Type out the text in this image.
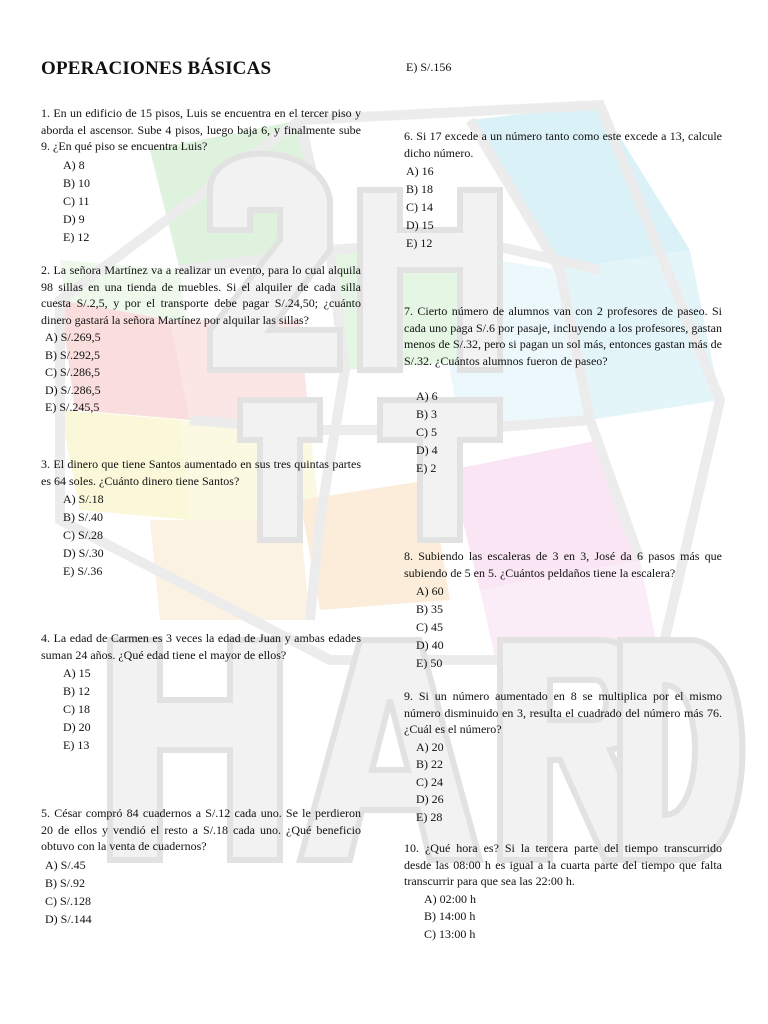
OPERACIONES BÁSICAS
1. En un edificio de 15 pisos, Luis se encuentra en el tercer piso y aborda el ascensor. Sube 4 pisos, luego baja 6, y finalmente sube 9. ¿En qué piso se encuentra Luis?
A) 8
B) 10
C) 11
D) 9
E) 12
2. La señora Martínez va a realizar un evento, para lo cual alquila 98 sillas en una tienda de muebles. Si el alquiler de cada silla cuesta S/.2,5, y por el transporte debe pagar S/.24,50; ¿cuánto dinero gastará la señora Martínez por alquilar las sillas?
A) S/.269,5
B) S/.292,5
C) S/.286,5
D) S/.286,5
E) S/.245,5
3. El dinero que tiene Santos aumentado en sus tres quintas partes es 64 soles. ¿Cuánto dinero tiene Santos?
A) S/.18
B) S/.40
C) S/.28
D) S/.30
E) S/.36
4. La edad de Carmen es 3 veces la edad de Juan y ambas edades suman 24 años. ¿Qué edad tiene el mayor de ellos?
A) 15
B) 12
C) 18
D) 20
E) 13
5. César compró 84 cuadernos a S/.12 cada uno. Se le perdieron 20 de ellos y vendió el resto a S/.18 cada uno. ¿Qué beneficio obtuvo con la venta de cuadernos?
A) S/.45
B) S/.92
C) S/.128
D) S/.144
E) S/.156
6. Si 17 excede a un número tanto como este excede a 13, calcule dicho número.
A) 16
B) 18
C) 14
D) 15
E) 12
7. Cierto número de alumnos van con 2 profesores de paseo. Si cada uno paga S/.6 por pasaje, incluyendo a los profesores, gastan menos de S/.32, pero si pagan un sol más, entonces gastan más de S/.32. ¿Cuántos alumnos fueron de paseo?
A) 6
B) 3
C) 5
D) 4
E) 2
8. Subiendo las escaleras de 3 en 3, José da 6 pasos más que subiendo de 5 en 5. ¿Cuántos peldaños tiene la escalera?
A) 60
B) 35
C) 45
D) 40
E) 50
9. Si un número aumentado en 8 se multiplica por el mismo número disminuido en 3, resulta el cuadrado del número más 76. ¿Cuál es el número?
A) 20
B) 22
C) 24
D) 26
E) 28
10. ¿Qué hora es? Si la tercera parte del tiempo transcurrido desde las 08:00 h es igual a la cuarta parte del tiempo que falta transcurrir para que sea las 22:00 h.
A) 02:00 h
B) 14:00 h
C) 13:00 h
